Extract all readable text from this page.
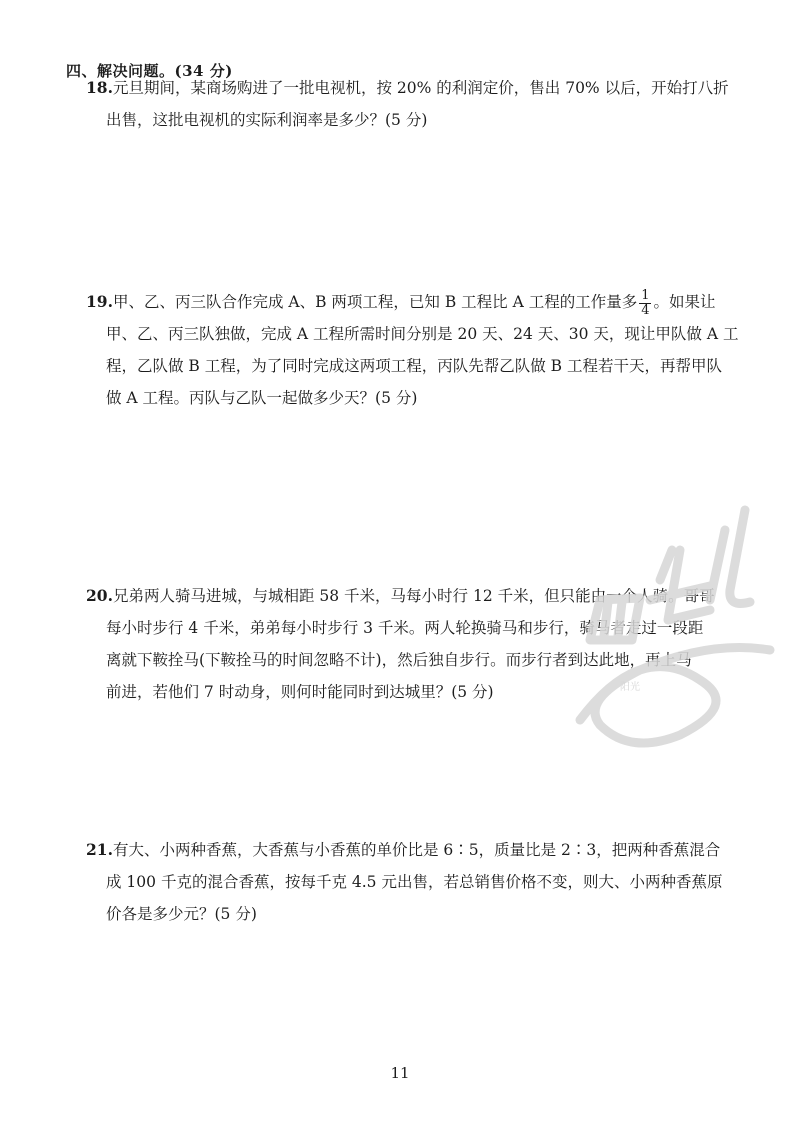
四、解决问题。(34 分)
18.元旦期间，某商场购进了一批电视机，按 20% 的利润定价，售出 70% 以后，开始打八折
出售，这批电视机的实际利润率是多少？(5 分)
19.甲、乙、丙三队合作完成 A、B 两项工程，已知 B 工程比 A 工程的工作量多 $\frac{1}{4}$ 。如果让
甲、乙、丙三队独做，完成 A 工程所需时间分别是 20 天、24 天、30 天，现让甲队做 A 工
程，乙队做 B 工程，为了同时完成这两项工程，丙队先帮乙队做 B 工程若干天，再帮甲队
做 A 工程。丙队与乙队一起做多少天？(5 分)
20.兄弟两人骑马进城，与城相距 58 千米，马每小时行 12 千米，但只能由一个人骑。哥哥
每小时步行 4 千米，弟弟每小时步行 3 千米。两人轮换骑马和步行，骑马者走过一段距
离就下鞍拴马(下鞍拴马的时间忽略不计)，然后独自步行。而步行者到达此地，再上马
前进，若他们 7 时动身，则何时能同时到达城里？(5 分)
21.有大、小两种香蕉，大香蕉与小香蕉的单价比是 6∶5，质量比是 2∶3，把两种香蕉混合
成 100 千克的混合香蕉，按每千克 4.5 元出售，若总销售价格不变，则大、小两种香蕉原
价各是多少元？(5 分)
阳光
11
